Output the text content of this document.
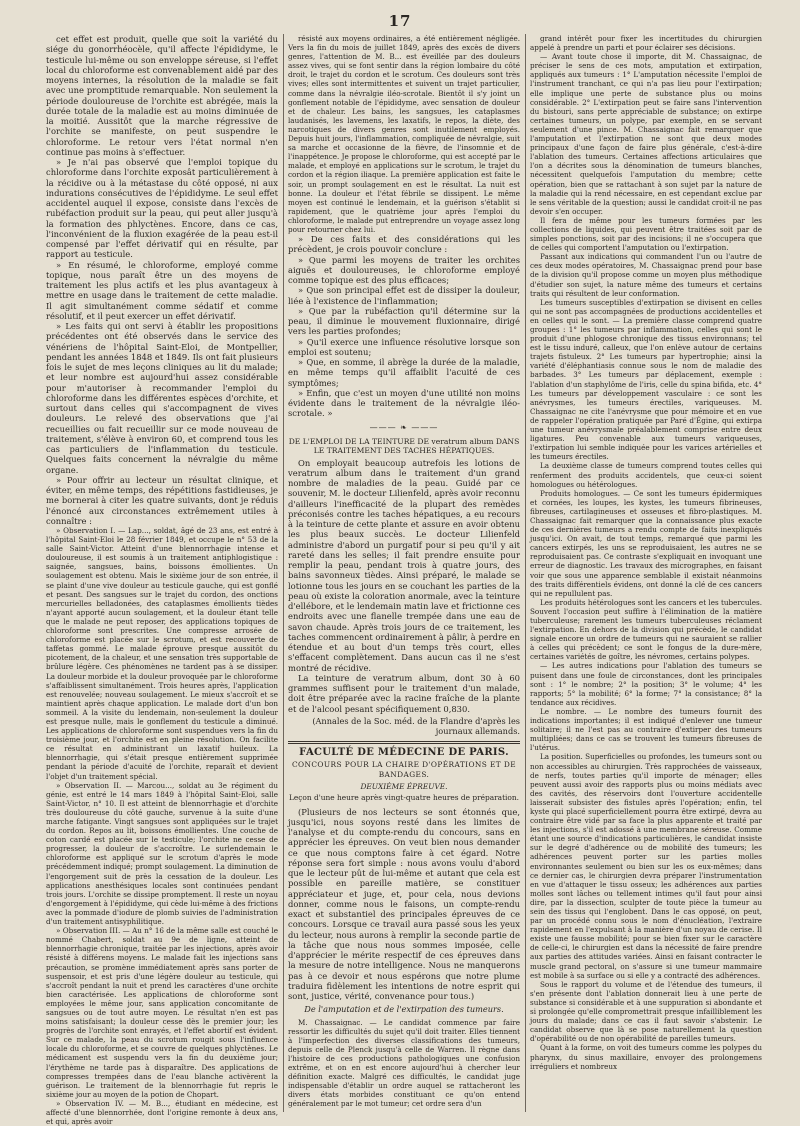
17

cet effet est produit, quelle que soit la variété du siége du gonorrhéocèle, qu'il affecte l'épididyme, le testicule lui-même ou son enveloppe séreuse, si l'effet local du chloroforme est convenablement aidé par des moyens internes, la résolution de la maladie se fait avec une promptitude remarquable. Non seulement la période douloureuse de l'orchite est abrégée, mais la durée totale de la maladie est au moins diminuée de la moitié. Aussitôt que la marche régressive de l'orchite se manifeste, on peut suspendre le chloroforme. Le retour vers l'état normal n'en continue pas moins à s'effectuer.

» Je n'ai pas observé que l'emploi topique du chloroforme dans l'orchite exposât particulièrement à la récidive ou à la métastase du côté opposé, ni aux indurations consécutives de l'épididyme. Le seul effet accidentel auquel il expose, consiste dans l'excès de rubéfaction produit sur la peau, qui peut aller jusqu'à la formation des phlyctènes. Encore, dans ce cas, l'inconvénient de la fluxion exagérée de la peau est-il compensé par l'effet dérivatif qui en résulte, par rapport au testicule.

» En résumé, le chloroforme, employé comme topique, nous paraît être un des moyens de traitement les plus actifs et les plus avantageux à mettre en usage dans le traitement de cette maladie. Il agit simultanément comme sédatif et comme résolutif, et il peut exercer un effet dérivatif.

» Les faits qui ont servi à établir les propositions précédentes ont été observés dans le service des vénériens de l'hôpital Saint-Eloi, de Montpellier, pendant les années 1848 et 1849. Ils ont fait plusieurs fois le sujet de mes leçons cliniques au lit du malade; et leur nombre est aujourd'hui assez considérable pour m'autoriser à recommander l'emploi du chloroforme dans les différentes espèces d'orchite, et surtout dans celles qui s'accompagnent de vives douleurs. Le relevé des observations que j'ai recueillies ou fait recueillir sur ce mode nouveau de traitement, s'élève à environ 60, et comprend tous les cas particuliers de l'inflammation du testicule. Quelques faits concernent la névralgie du même organe.

» Pour offrir au lecteur un résultat clinique, et éviter, en même temps, des répétitions fastidieuses, je me bornerai à citer les quatre suivants, dont je réduis l'énoncé aux circonstances extrêmement utiles à connaître :

» Observation I. — Lap..., soldat, âgé de 23 ans, est entré à l'hôpital Saint-Eloi le 28 février 1849, et occupe le n° 53 de la salle Saint-Victor. Atteint d'une blennorrhagie intense et douloureuse, il est soumis à un traitement antiphlogistique : saignée, sangsues, bains, boissons émollientes. Un soulagement est obtenu. Mais le sixième jour de son entrée, il se plaint d'une vive douleur au testicule gauche, qui est gonflé et pesant. Des sangsues sur le trajet du cordon, des onctions mercurielles belladonées, des cataplasmes émollients tièdes n'ayant apporté aucun soulagement, et la douleur étant telle que le malade ne peut reposer, des applications topiques de chloroforme sont prescrites. Une compresse arrosée de chloroforme est placée sur le scrotum, et est recouverte de taffetas gommé. Le malade éprouve presque aussitôt du picotement, de la chaleur, et une sensation très supportable de brûlure légère. Ces phénomènes ne tardent pas à se dissiper. La douleur morbide et la douleur provoquée par le chloroforme s'affaiblissent simultanément. Trois heures après, l'application est renouvelée; nouveau soulagement. Le mieux s'accroît et se maintient après chaque application. Le malade dort d'un bon sommeil. A la visite du lendemain, non-seulement la douleur est presque nulle, mais le gonflement du testicule a diminué. Les applications de chloroforme sont suspendues vers la fin du troisième jour, et l'orchite est en pleine résolution. On facilite ce résultat en administrant un laxatif huileux. La blennorrhagie, qui s'était presque entièrement supprimée pendant la période d'acuité de l'orchite, reparaît et devient l'objet d'un traitement spécial.

» Observation II. — Marcou..., soldat au 3e régiment du génie, est entré le 14 mars 1849 à l'hôpital Saint-Eloi, salle Saint-Victor, n° 10. Il est atteint de blennorrhagie et d'orchite très douloureuse du côté gauche, survenue à la suite d'une marche fatigante. Vingt sangsues sont appliquées sur le trajet du cordon. Repos au lit, boissons émollientes. Une couche de coton cardé est placée sur le testicule; l'orchite ne cesse de progresser, la douleur de s'accroître. Le surlendemain le chloroforme est appliqué sur le scrotum d'après le mode précédemment indiqué; prompt soulagement. La diminution de l'engorgement suit de près la cessation de la douleur. Les applications anesthésiques locales sont continuées pendant trois jours. L'orchite se dissipe promptement. Il reste un noyau d'engorgement à l'épididyme, qui cède lui-même à des frictions avec la pommade d'iodure de plomb suivies de l'administration d'un traitement antisyphilitique.

» Observation III. — Au n° 16 de la même salle est couché le nommé Chabert, soldat au 9e de ligne, atteint de blennorrhagie chronique, traitée par les injections, après avoir résisté à différens moyens. Le malade fait les injections sans précaution, se promène immédiatement après sans porter de suspensoir, et est pris d'une légère douleur au testicule, qui s'accroît pendant la nuit et prend les caractères d'une orchite bien caractérisée. Les applications de chloroforme sont employées le même jour, sans application concomitante de sangsues ou de tout autre moyen. Le résultat n'en est pas moins satisfaisant; la douleur cesse dès le premier jour; les progrès de l'orchite sont enrayés, et l'effet abortif est évident. Sur ce malade, la peau du scrotum rougit sous l'influence locale du chloroforme, et se couvre de quelques phlyctènes. Le médicament est suspendu vers la fin du deuxième jour; l'érythème ne tarde pas à disparaître. Des applications de compresses trempées dans de l'eau blanche activèrent la guérison. Le traitement de la blennorrhagie fut repris le sixième jour au moyen de la potion de Chopart.

» Observation IV. — M. B..., étudiant en médecine, est affecté d'une blennorrhée, dont l'origine remonte à deux ans, et qui, après avoir

résisté aux moyens ordinaires, a été entièrement négligée. Vers la fin du mois de juillet 1849, après des excès de divers genres, l'attention de M. B... est éveillée par des douleurs assez vives, qui se font sentir dans la région lombaire du côté droit, le trajet du cordon et le scrotum. Ces douleurs sont très vives; elles sont intermittentes et suivent un trajet particulier, comme dans la névralgie iléo-scrotale. Bientôt il s'y joint un gonflement notable de l'épididyme, avec sensation de douleur et de chaleur. Les bains, les sangsues, les cataplasmes laudanisés, les lavemens, les laxatifs, le repos, la diète, des narcotiques de divers genres sont inutilement employés. Depuis huit jours, l'inflammation, compliquée de névralgie, suit sa marche et occasionne de la fièvre, de l'insomnie et de l'inappétence. Je propose le chloroforme, qui est accepté par le malade, et employé en applications sur le scrotum, le trajet du cordon et la région iliaque. La première application est faite le soir, un prompt soulagement en est le résultat. La nuit est bonne. La douleur et l'état fébrile se dissipent. Le même moyen est continué le lendemain, et la guérison s'établit si rapidement, que le quatrième jour après l'emploi du chloroforme, le malade put entreprendre un voyage assez long pour retourner chez lui.

» De ces faits et des considérations qui les précèdent, je crois pouvoir conclure :

» Que parmi les moyens de traiter les orchites aiguës et douloureuses, le chloroforme employé comme topique est des plus efficaces;

» Que son principal effet est de dissiper la douleur, liée à l'existence de l'inflammation;

» Que par la rubéfaction qu'il détermine sur la peau, il diminue le mouvement fluxionnaire, dirigé vers les parties profondes;

» Qu'il exerce une influence résolutive lorsque son emploi est soutenu;

» Que, en somme, il abrège la durée de la maladie, en même temps qu'il affaiblit l'acuité de ces symptômes;

» Enfin, que c'est un moyen d'une utilité non moins évidente dans le traitement de la névralgie iléo-scrotale. »

——— ❧ ———
DE L'EMPLOI DE LA TEINTURE DE veratrum album DANS LE TRAITEMENT DES TACHES HÉPATIQUES.

On employait beaucoup autrefois les lotions de veratrum album dans le traitement d'un grand nombre de maladies de la peau. Guidé par ce souvenir, M. le docteur Lilienfeld, après avoir reconnu d'ailleurs l'inefficacité de la plupart des remèdes préconisés contre les taches hépatiques, a eu recours à la teinture de cette plante et assure en avoir obtenu les plus beaux succès. Le docteur Lilienfeld administre d'abord un purgatif pour si peu qu'il y ait rareté dans les selles; il fait prendre ensuite pour remplir la peau, pendant trois à quatre jours, des bains savonneux tièdes. Ainsi préparé, le malade se lotionne tous les jours en se couchant les parties de la peau où existe la coloration anormale, avec la teinture d'ellébore, et le lendemain matin lave et frictionne ces endroits avec une flanelle trempée dans une eau de savon chaude. Après trois jours de ce traitement, les taches commencent ordinairement à pâlir, à perdre en étendue et au bout d'un temps très court, elles s'effacent complètement. Dans aucun cas il ne s'est montré de récidive.

La teinture de veratrum album, dont 30 à 60 grammes suffisent pour le traitement d'un malade, doit être préparée avec la racine fraîche de la plante et de l'alcool pesant spécifiquement 0,830.

(Annales de la Soc. méd. de la Flandre d'après les journaux allemands.
FACULTÉ DE MÉDECINE DE PARIS.
CONCOURS POUR LA CHAIRE D'OPÉRATIONS ET DE BANDAGES.
DEUXIÈME ÉPREUVE.
Leçon d'une heure après vingt-quatre heures de préparation.

(Plusieurs de nos lecteurs se sont étonnés que, jusqu'ici, nous soyons resté dans les limites de l'analyse et du compte-rendu du concours, sans en apprécier les épreuves. On veut bien nous demander ce que nous comptons faire à cet égard. Notre réponse sera fort simple : nous avons voulu d'abord que le lecteur pût de lui-même et autant que cela est possible en pareille matière, se constituer appréciateur et juge, et, pour cela, nous devions donner, comme nous le faisons, un compte-rendu exact et substantiel des principales épreuves de ce concours. Lorsque ce travail aura passé sous les yeux du lecteur, nous aurons à remplir la seconde partie de la tâche que nous nous sommes imposée, celle d'apprécier le mérite respectif de ces épreuves dans la mesure de notre intelligence. Nous ne manquerons pas à ce devoir et nous espérons que notre plume traduira fidèlement les intentions de notre esprit qui sont, justice, vérité, convenance pour tous.)

De l'amputation et de l'extirpation des tumeurs.

M. Chassaignac. — Le candidat commence par faire ressortir les difficultés du sujet qu'il doit traiter. Elles tiennent à l'imperfection des diverses classifications des tumeurs, depuis celle de Plenck jusqu'à celle de Warren. Il règne dans l'histoire de ces productions pathologiques une confusion extrême, et on en est encore aujourd'hui à chercher leur définition exacte. Malgré ces difficultés, le candidat juge indispensable d'établir un ordre auquel se rattacheront les divers états morbides constituant ce qu'on entend généralement par le mot tumeur; cet ordre sera d'un

grand intérêt pour fixer les incertitudes du chirurgien appelé à prendre un parti et pour éclairer ses décisions.

— Avant toute chose il importe, dit M. Chassaignac, de préciser le sens de ces mots, amputation et extirpation, appliqués aux tumeurs : 1° L'amputation nécessite l'emploi de l'instrument tranchant, ce qui n'a pas lieu pour l'extirpation; elle implique une perte de substance plus ou moins considérable. 2° L'extirpation peut se faire sans l'intervention du bistouri, sans perte appréciable de substance; on extirpe certaines tumeurs, un polype, par exemple, en se servant seulement d'une pince. M. Chassaignac fait remarquer que l'amputation et l'extirpation ne sont que deux modes principaux d'une façon de faire plus générale, c'est-à-dire l'ablation des tumeurs. Certaines affections articulaires que l'on a décrites sous la dénomination de tumeurs blanches, nécessitent quelquefois l'amputation du membre; cette opération, bien que se rattachant à son sujet par la nature de la maladie qui la rend nécessaire, en est cependant exclue par le sens véritable de la question; aussi le candidat croit-il ne pas devoir s'en occuper.

Il fera de même pour les tumeurs formées par les collections de liquides, qui peuvent être traitées soit par de simples ponctions, soit par des incisions; il ne s'occupera que de celles qui comportent l'amputation ou l'extirpation.

Passant aux indications qui commandent l'un ou l'autre de ces deux modes opératoires, M. Chassaignac prend pour base de la division qu'il propose comme un moyen plus méthodique d'étudier son sujet, la nature même des tumeurs et certains traits qui résultent de leur conformation.

Les tumeurs susceptibles d'extirpation se divisent en celles qui ne sont pas accompagnées de productions accidentelles et en celles qui le sont. — La première classe comprend quatre groupes : 1° les tumeurs par inflammation, celles qui sont le produit d'une phlogose chronique des tissus environnans; tel est le tissu induré, calleux, que l'on enlève autour de certains trajets fistuleux. 2° Les tumeurs par hypertrophie; ainsi la variété d'éléphantiasis connue sous le nom de maladie des barbades. 3° Les tumeurs par déplacement, exemple : l'ablation d'un staphylôme de l'iris, celle du spina bifida, etc. 4° Les tumeurs par développement vasculaire : ce sont les anévrysmes, les tumeurs érectiles, variqueuses. M. Chassaignac ne cite l'anévrysme que pour mémoire et en vue de rappeler l'opération pratiquée par Paré d'Égine, qui extirpa une tumeur anévrysmale préalablement comprise entre deux ligatures. Peu convenable aux tumeurs variqueuses, l'extirpation lui semble indiquée pour les varices artérielles et les tumeurs érectiles.

La deuxième classe de tumeurs comprend toutes celles qui renferment des produits accidentels, que ceux-ci soient homologues ou hétérologues.

Produits homologues. — Ce sont les tumeurs épidermiques et cornées, les loupes, les kystes, les tumeurs fibrineuses, fibreuses, cartilagineuses et osseuses et fibro-plastiques. M. Chassaignac fait remarquer que la connaissance plus exacte de ces dernières tumeurs a rendu compte de faits inexpliqués jusqu'ici. On avait, de tout temps, remarqué que parmi les cancers extirpés, les uns se reproduisaient, les autres ne se reproduisaient pas. Ce contraste s'expliquait en invoquant une erreur de diagnostic. Les travaux des micrographes, en faisant voir que sous une apparence semblable il existait néanmoins des traits différentiels évidens, ont donné la clé de ces cancers qui ne repullulent pas.

Les produits hétérologues sont les cancers et les tubercules. Souvent l'occasion peut suffire à l'élimination de la matière tuberculeuse; rarement les tumeurs tuberculeuses réclament l'extirpation. En dehors de la division qui précède, le candidat signale encore un ordre de tumeurs qui ne sauraient se rallier à celles qui précèdent; ce sont le fongus de la dure-mère, certaines variétés de goître, les névromes, certains polypes.

— Les autres indications pour l'ablation des tumeurs se puisent dans une foule de circonstances, dont les principales sont : 1° le nombre; 2° la position; 3° le volume; 4° les rapports; 5° la mobilité; 6° la forme; 7° la consistance; 8° la tendance aux récidives.

Le nombre. — Le nombre des tumeurs fournit des indications importantes; il est indiqué d'enlever une tumeur solitaire; il ne l'est pas au contraire d'extirper des tumeurs multipliées; dans ce cas se trouvent les tumeurs fibreuses de l'utérus.

La position. Superficielles ou profondes, les tumeurs sont ou non accessibles au chirurgien. Très rapprochées de vaisseaux, de nerfs, toutes parties qu'il importe de ménager; elles peuvent aussi avoir des rapports plus ou moins médiats avec des cavités, des réservoirs dont l'ouverture accidentelle laisserait subsister des fistules après l'opération; enfin, tel kyste qui placé superficiellement pourra être extirpé, devra au contraire être vidé par sa face la plus apparente et traité par les injections, s'il est adossé à une membrane séreuse. Comme étant une source d'indications particulières, le candidat insiste sur le degré d'adhérence ou de mobilité des tumeurs; les adhérences peuvent porter sur les parties molles environnantes seulement ou bien sur les os eux-mêmes; dans ce dernier cas, le chirurgien devra préparer l'instrumentation en vue d'attaquer le tissu osseux; les adhérences aux parties molles sont lâches ou tellement intimes qu'il faut pour ainsi dire, par la dissection, sculpter de toute pièce la tumeur au sein des tissus qui l'englobent. Dans le cas opposé, on peut, par un procédé connu sous le nom d'énucléation, l'extraire rapidement en l'expulsant à la manière d'un noyau de cerise. Il existe une fausse mobilité; pour se bien fixer sur le caractère de celle-ci, le chirurgien est dans la nécessité de faire prendre aux parties des attitudes variées. Ainsi en faisant contracter le muscle grand pectoral, on s'assure si une tumeur mammaire est mobile à sa surface ou si elle y a contracté des adhérences.

Sous le rapport du volume et de l'étendue des tumeurs, il s'en présente dont l'ablation donnerait lieu à une perte de substance si considérable et à une suppuration si abondante et si prolongée qu'elle compromettrait presque infailliblement les jours du malade; dans ce cas il faut savoir s'abstenir. Le candidat observe que là se pose naturellement la question d'opérabilité ou de non opérabilité de pareilles tumeurs.

Quant à la forme, on voit des tumeurs comme les polypes du pharynx, du sinus maxillaire, envoyer des prolongemens irréguliers et nombreux
